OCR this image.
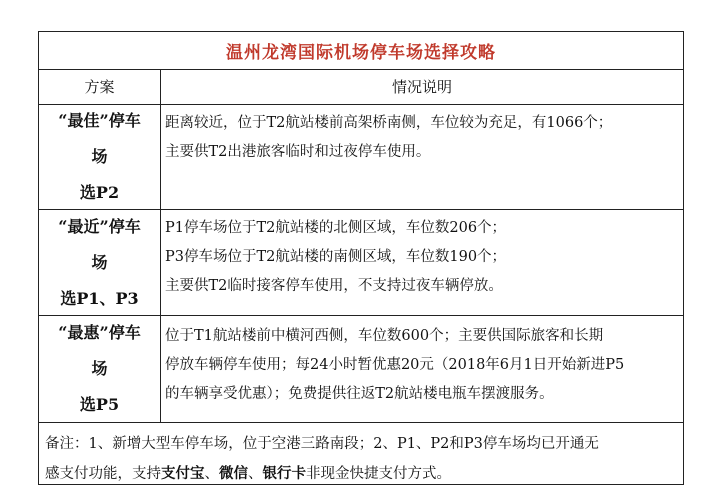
温州龙湾国际机场停车场选择攻略
方案	情况说明
“最佳”停车
场
选P2
距离较近，位于T2航站楼前高架桥南侧，车位较为充足，有1066个；
主要供T2出港旅客临时和过夜停车使用。
“最近”停车
场
选P1、P3
P1停车场位于T2航站楼的北侧区域，车位数206个；
P3停车场位于T2航站楼的南侧区域，车位数190个；
主要供T2临时接客停车使用，不支持过夜车辆停放。
“最惠”停车
场
选P5
位于T1航站楼前中横河西侧，车位数600个；主要供国际旅客和长期
停放车辆停车使用；每24小时暂优惠20元（2018年6月1日开始新进P5
的车辆享受优惠）；免费提供往返T2航站楼电瓶车摆渡服务。
备注：1、新增大型车停车场，位于空港三路南段；2、P1、P2和P3停车场均已开通无
感支付功能，支持支付宝、微信、银行卡非现金快捷支付方式。
